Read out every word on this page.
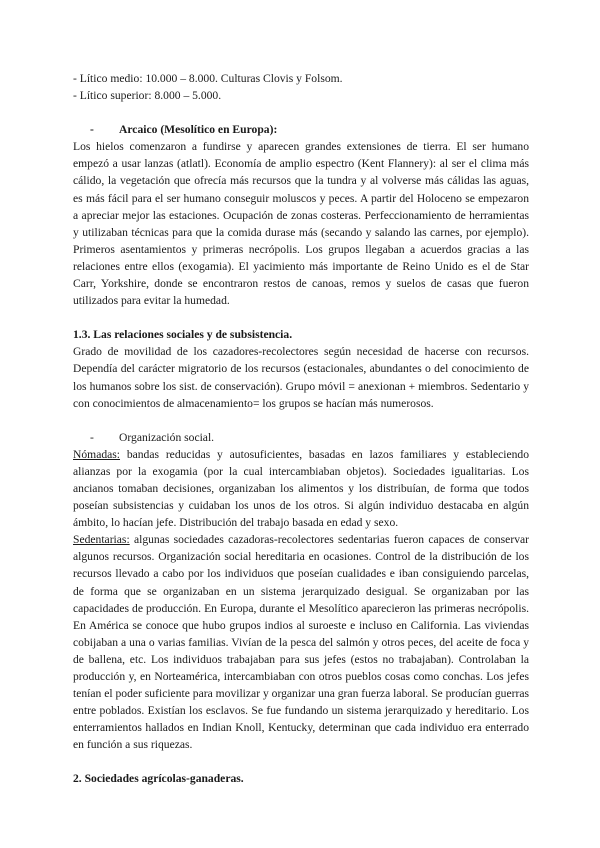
- Lítico medio: 10.000 – 8.000. Culturas Clovis y Folsom.

- Lítico superior: 8.000 – 5.000.

- Arcaico (Mesolítico en Europa):

Los hielos comenzaron a fundirse y aparecen grandes extensiones de tierra. El ser humano empezó a usar lanzas (atlatl). Economía de amplio espectro (Kent Flannery): al ser el clima más cálido, la vegetación que ofrecía más recursos que la tundra y al volverse más cálidas las aguas, es más fácil para el ser humano conseguir moluscos y peces. A partir del Holoceno se empezaron a apreciar mejor las estaciones. Ocupación de zonas costeras. Perfeccionamiento de herramientas y utilizaban técnicas para que la comida durase más (secando y salando las carnes, por ejemplo). Primeros asentamientos y primeras necrópolis. Los grupos llegaban a acuerdos gracias a las relaciones entre ellos (exogamia). El yacimiento más importante de Reino Unido es el de Star Carr, Yorkshire, donde se encontraron restos de canoas, remos y suelos de casas que fueron utilizados para evitar la humedad.

1.3. Las relaciones sociales y de subsistencia.

Grado de movilidad de los cazadores-recolectores según necesidad de hacerse con recursos. Dependía del carácter migratorio de los recursos (estacionales, abundantes o del conocimiento de los humanos sobre los sist. de conservación). Grupo móvil = anexionan + miembros. Sedentario y con conocimientos de almacenamiento= los grupos se hacían más numerosos.

- Organización social.

Nómadas: bandas reducidas y autosuficientes, basadas en lazos familiares y estableciendo alianzas por la exogamia (por la cual intercambiaban objetos). Sociedades igualitarias. Los ancianos tomaban decisiones, organizaban los alimentos y los distribuían, de forma que todos poseían subsistencias y cuidaban los unos de los otros. Si algún individuo destacaba en algún ámbito, lo hacían jefe. Distribución del trabajo basada en edad y sexo.

Sedentarias: algunas sociedades cazadoras-recolectores sedentarias fueron capaces de conservar algunos recursos. Organización social hereditaria en ocasiones. Control de la distribución de los recursos llevado a cabo por los individuos que poseían cualidades e iban consiguiendo parcelas, de forma que se organizaban en un sistema jerarquizado desigual. Se organizaban por las capacidades de producción. En Europa, durante el Mesolítico aparecieron las primeras necrópolis. En América se conoce que hubo grupos indios al suroeste e incluso en California. Las viviendas cobijaban a una o varias familias. Vivían de la pesca del salmón y otros peces, del aceite de foca y de ballena, etc. Los individuos trabajaban para sus jefes (estos no trabajaban). Controlaban la producción y, en Norteamérica, intercambiaban con otros pueblos cosas como conchas. Los jefes tenían el poder suficiente para movilizar y organizar una gran fuerza laboral. Se producían guerras entre poblados. Existían los esclavos. Se fue fundando un sistema jerarquizado y hereditario. Los enterramientos hallados en Indian Knoll, Kentucky, determinan que cada individuo era enterrado en función a sus riquezas.

2. Sociedades agrícolas-ganaderas.
